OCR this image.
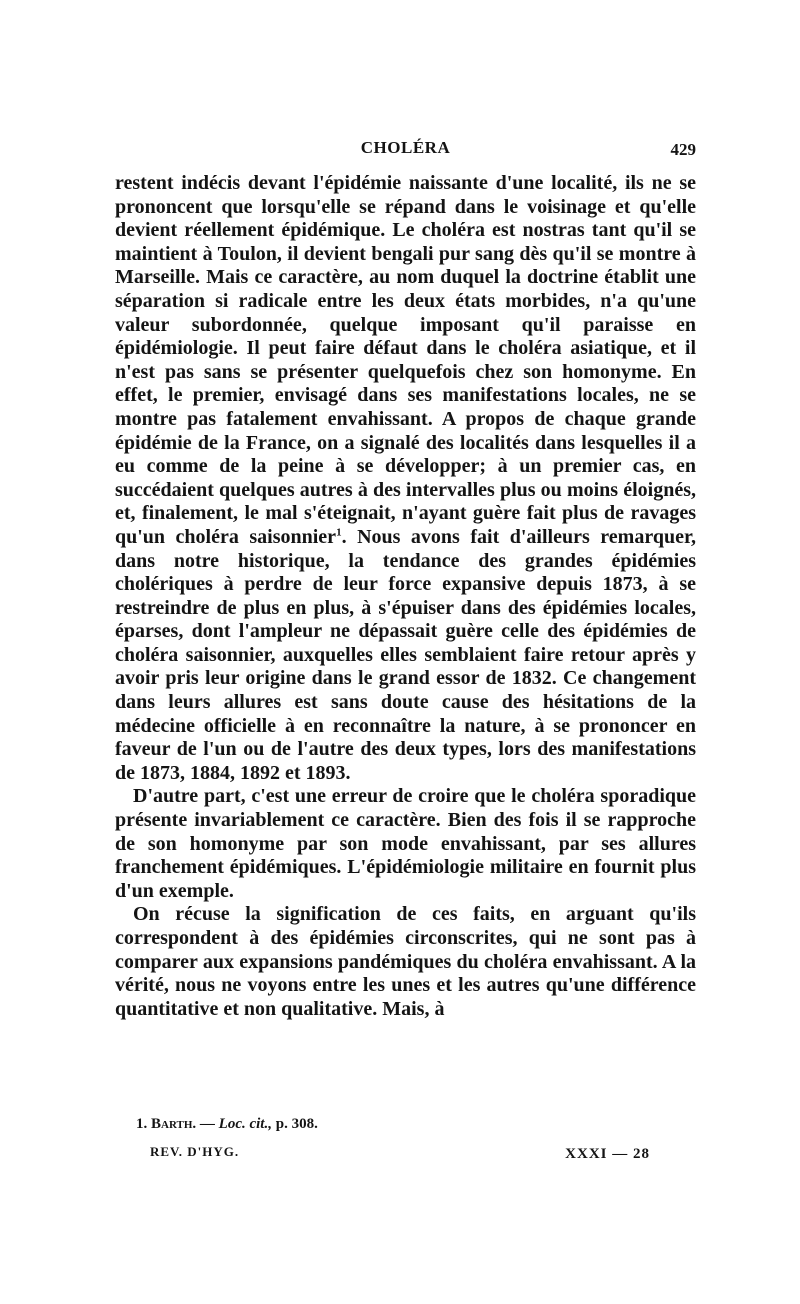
CHOLÉRA	429

restent indécis devant l'épidémie naissante d'une localité, ils ne se prononcent que lorsqu'elle se répand dans le voisinage et qu'elle devient réellement épidémique. Le choléra est nostras tant qu'il se maintient à Toulon, il devient bengali pur sang dès qu'il se montre à Marseille. Mais ce caractère, au nom duquel la doctrine établit une séparation si radicale entre les deux états morbides, n'a qu'une valeur subordonnée, quelque imposant qu'il paraisse en épidémiologie. Il peut faire défaut dans le choléra asiatique, et il n'est pas sans se présenter quelquefois chez son homonyme. En effet, le premier, envisagé dans ses manifestations locales, ne se montre pas fatalement envahissant. A propos de chaque grande épidémie de la France, on a signalé des localités dans lesquelles il a eu comme de la peine à se développer; à un premier cas, en succédaient quelques autres à des intervalles plus ou moins éloignés, et, finalement, le mal s'éteignait, n'ayant guère fait plus de ravages qu'un choléra saisonnier$^1$. Nous avons fait d'ailleurs remarquer, dans notre historique, la tendance des grandes épidémies cholériques à perdre de leur force expansive depuis 1873, à se restreindre de plus en plus, à s'épuiser dans des épidémies locales, éparses, dont l'ampleur ne dépassait guère celle des épidémies de choléra saisonnier, auxquelles elles semblaient faire retour après y avoir pris leur origine dans le grand essor de 1832. Ce changement dans leurs allures est sans doute cause des hésitations de la médecine officielle à en reconnaître la nature, à se prononcer en faveur de l'un ou de l'autre des deux types, lors des manifestations de 1873, 1884, 1892 et 1893.

D'autre part, c'est une erreur de croire que le choléra sporadique présente invariablement ce caractère. Bien des fois il se rapproche de son homonyme par son mode envahissant, par ses allures franchement épidémiques. L'épidémiologie militaire en fournit plus d'un exemple.

On récuse la signification de ces faits, en arguant qu'ils correspondent à des épidémies circonscrites, qui ne sont pas à comparer aux expansions pandémiques du choléra envahissant. A la vérité, nous ne voyons entre les unes et les autres qu'une différence quantitative et non qualitative. Mais, à

1. Barth. — Loc. cit., p. 308.
REV. D'HYG.	XXXI — 28
